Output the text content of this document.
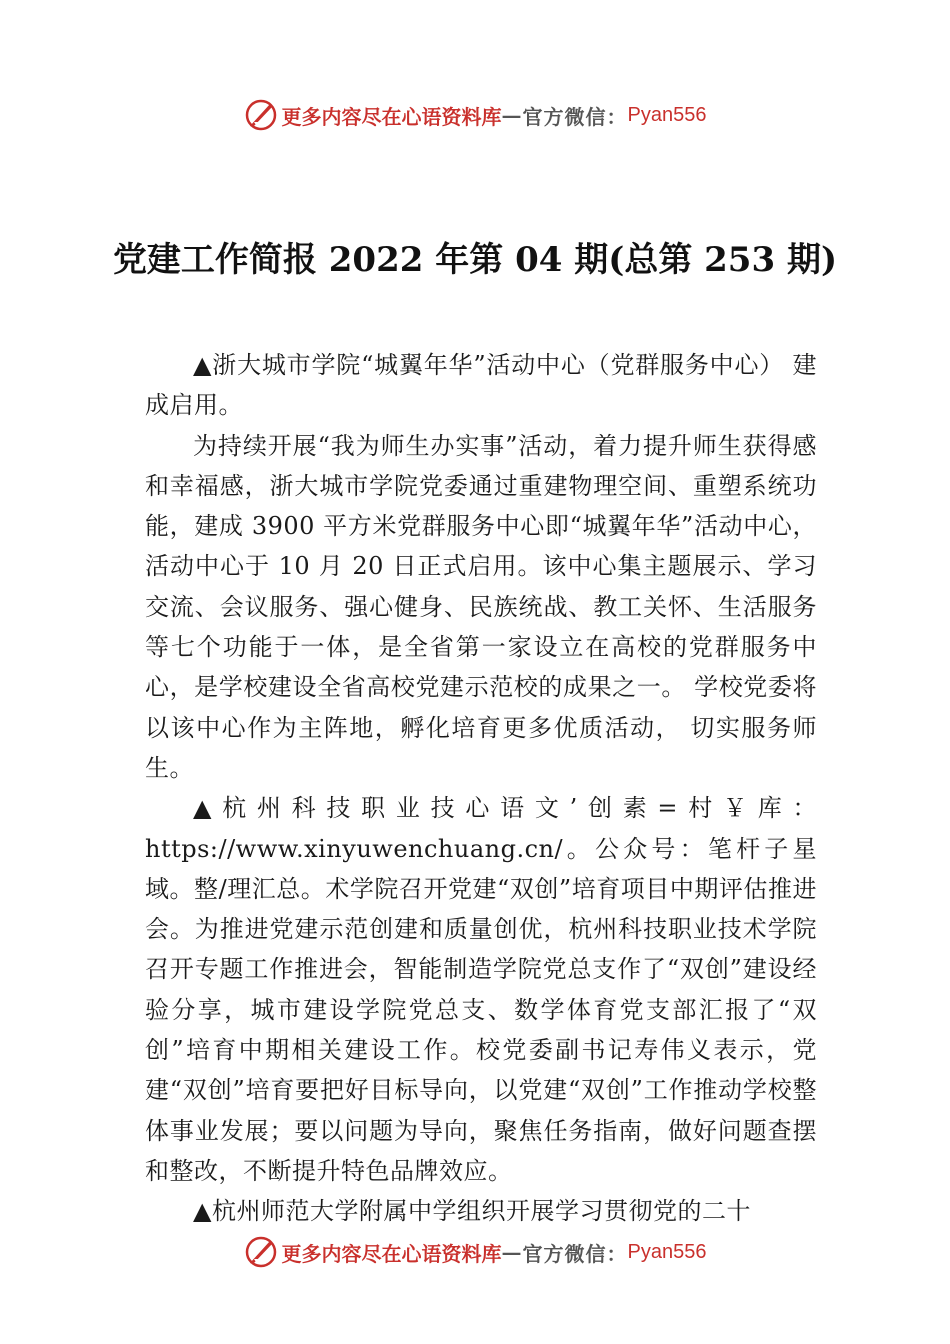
更多内容尽在心语资料库 — 官方微信： Pyan556
党建工作简报 2022 年第 04 期(总第 253 期)

▲浙大城市学院“城翼年华”活动中心（党群服务中心） 建成启用。

为持续开展“我为师生办实事”活动，着力提升师生获得感和幸福感，浙大城市学院党委通过重建物理空间、重塑系统功能，建成 3900 平方米党群服务中心即“城翼年华”活动中心，活动中心于 10 月 20 日正式启用。该中心集主题展示、学习交流、会议服务、强心健身、民族统战、教工关怀、生活服务等七个功能于一体，是全省第一家设立在高校的党群服务中心，是学校建设全省高校党建示范校的成果之一。 学校党委将以该中心作为主阵地，孵化培育更多优质活动， 切实服务师生。

▲杭州科技职业技心语文’创素=村￥库：https://www.xinyuwenchuang.cn/。公众号：笔杆子星域。整/理汇总。术学院召开党建“双创”培育项目中期评估推进会。为推进党建示范创建和质量创优，杭州科技职业技术学院召开专题工作推进会，智能制造学院党总支作了“双创”建设经验分享，城市建设学院党总支、数学体育党支部汇报了“双创”培育中期相关建设工作。校党委副书记寿伟义表示，党建“双创”培育要把好目标导向，以党建“双创”工作推动学校整体事业发展；要以问题为导向，聚焦任务指南，做好问题查摆和整改，不断提升特色品牌效应。

▲杭州师范大学附属中学组织开展学习贯彻党的二十

更多内容尽在心语资料库 — 官方微信： Pyan556
